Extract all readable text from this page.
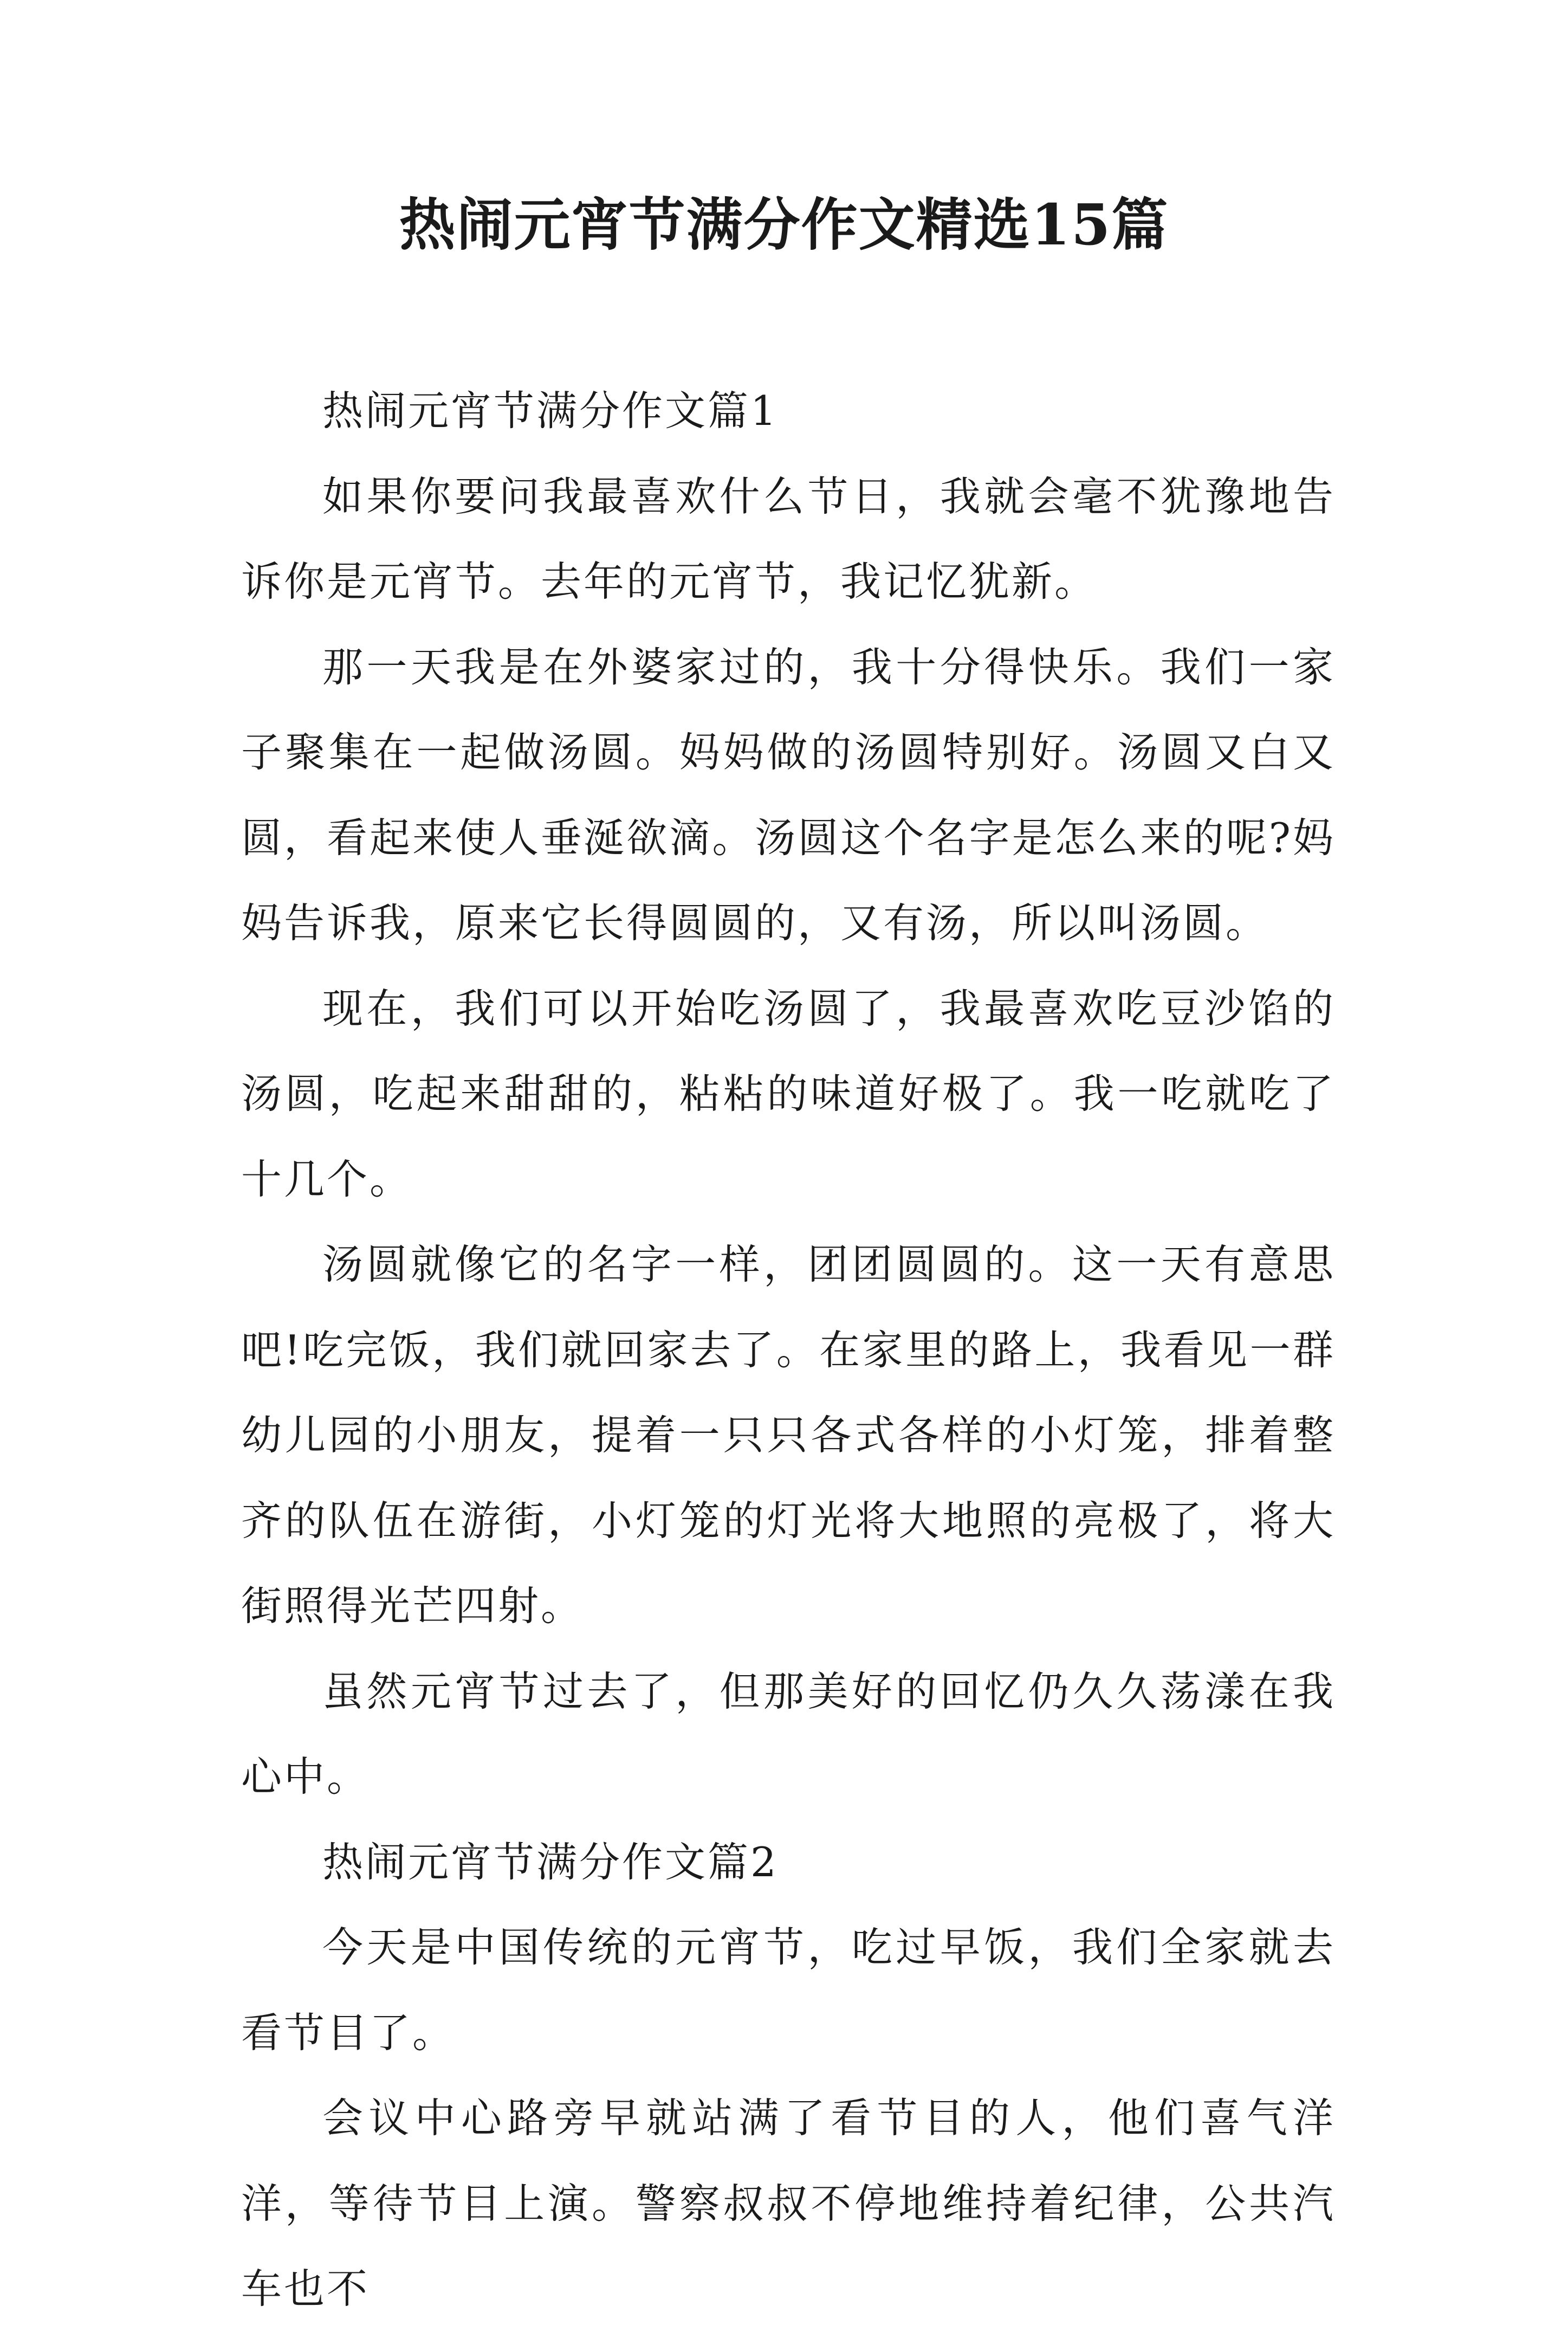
热闹元宵节满分作文精选15篇

热闹元宵节满分作文篇1

如果你要问我最喜欢什么节日，我就会毫不犹豫地告诉你是元宵节。去年的元宵节，我记忆犹新。

那一天我是在外婆家过的，我十分得快乐。我们一家子聚集在一起做汤圆。妈妈做的汤圆特别好。汤圆又白又圆，看起来使人垂涎欲滴。汤圆这个名字是怎么来的呢?妈妈告诉我，原来它长得圆圆的，又有汤，所以叫汤圆。

现在，我们可以开始吃汤圆了，我最喜欢吃豆沙馅的汤圆，吃起来甜甜的，粘粘的味道好极了。我一吃就吃了十几个。

汤圆就像它的名字一样，团团圆圆的。这一天有意思吧!吃完饭，我们就回家去了。在家里的路上，我看见一群幼儿园的小朋友，提着一只只各式各样的小灯笼，排着整齐的队伍在游街，小灯笼的灯光将大地照的亮极了，将大街照得光芒四射。

虽然元宵节过去了，但那美好的回忆仍久久荡漾在我心中。

热闹元宵节满分作文篇2

今天是中国传统的元宵节，吃过早饭，我们全家就去看节目了。

会议中心路旁早就站满了看节目的人，他们喜气洋洋，等待节目上演。警察叔叔不停地维持着纪律，公共汽车也不
